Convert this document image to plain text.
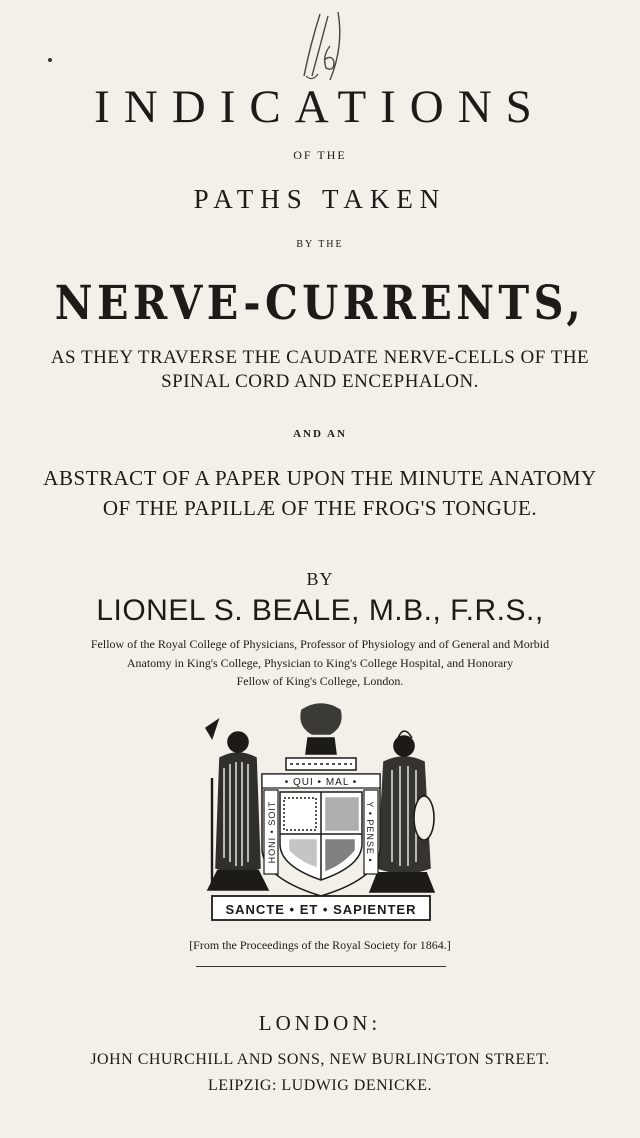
INDICATIONS
OF THE
PATHS TAKEN
BY THE
NERVE-CURRENTS,
AS THEY TRAVERSE THE CAUDATE NERVE-CELLS OF THE
SPINAL CORD AND ENCEPHALON.
AND AN
ABSTRACT OF A PAPER UPON THE MINUTE ANATOMY
OF THE PAPILLÆ OF THE FROG'S TONGUE.
BY
LIONEL S. BEALE, M.B., F.R.S.,
Fellow of the Royal College of Physicians, Professor of Physiology and of General and Morbid
Anatomy in King's College, Physician to King's College Hospital, and Honorary
Fellow of King's College, London.
• QUI • MAL •
HONI • SOIT	Y • PENSE •
SANCTE • ET • SAPIENTER
[From the Proceedings of the Royal Society for 1864.]
LONDON:
JOHN CHURCHILL AND SONS, NEW BURLINGTON STREET.
LEIPZIG: LUDWIG DENICKE.
